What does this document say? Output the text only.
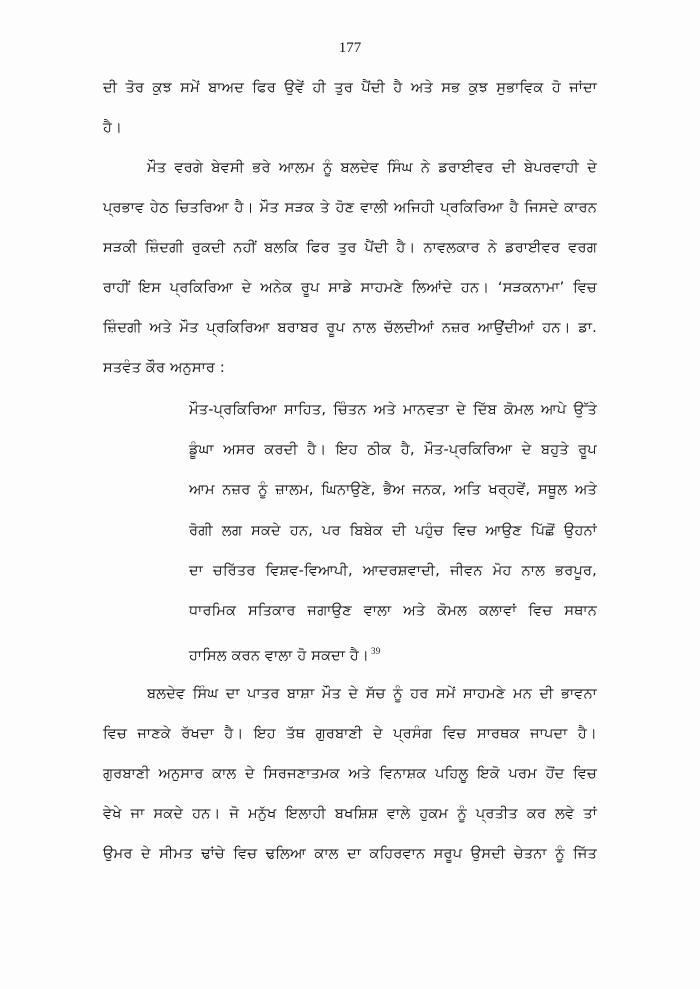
177
ਦੀ ਤੋਰ ਕੁਝ ਸਮੇਂ ਬਾਅਦ ਫਿਰ ਉਵੇਂ ਹੀ ਤੁਰ ਪੈਂਦੀ ਹੈ ਅਤੇ ਸਭ ਕੁਝ ਸੁਭਾਵਿਕ ਹੋ ਜਾਂਦਾ
ਹੈ।
ਮੌਤ ਵਰਗੇ ਬੇਵਸੀ ਭਰੇ ਆਲਮ ਨੂੰ ਬਲਦੇਵ ਸਿੰਘ ਨੇ ਡਰਾਈਵਰ ਦੀ ਬੇਪਰਵਾਹੀ ਦੇ
ਪ੍ਰਭਾਵ ਹੇਠ ਚਿਤਰਿਆ ਹੈ। ਮੌਤ ਸੜਕ ਤੇ ਹੋਣ ਵਾਲੀ ਅਜਿਹੀ ਪ੍ਰਕਿਰਿਆ ਹੈ ਜਿਸਦੇ ਕਾਰਨ
ਸੜਕੀ ਜ਼ਿੰਦਗੀ ਰੁਕਦੀ ਨਹੀਂ ਬਲਕਿ ਫਿਰ ਤੁਰ ਪੈਂਦੀ ਹੈ। ਨਾਵਲਕਾਰ ਨੇ ਡਰਾਈਵਰ ਵਰਗ
ਰਾਹੀਂ ਇਸ ਪ੍ਰਕਿਰਿਆ ਦੇ ਅਨੇਕ ਰੂਪ ਸਾਡੇ ਸਾਹਮਣੇ ਲਿਆਂਦੇ ਹਨ। ‘ਸੜਕਨਾਮਾ’ ਵਿਚ
ਜ਼ਿੰਦਗੀ ਅਤੇ ਮੌਤ ਪ੍ਰਕਿਰਿਆ ਬਰਾਬਰ ਰੂਪ ਨਾਲ ਚੱਲਦੀਆਂ ਨਜ਼ਰ ਆਉਂਦੀਆਂ ਹਨ। ਡਾ.
ਸਤਵੰਤ ਕੌਰ ਅਨੁਸਾਰ :
ਮੌਤ-ਪ੍ਰਕਿਰਿਆ ਸਾਹਿਤ, ਚਿੰਤਨ ਅਤੇ ਮਾਨਵਤਾ ਦੇ ਦਿੱਬ ਕੋਮਲ ਆਪੇ ਉੱਤੇ
ਡੂੰਘਾ ਅਸਰ ਕਰਦੀ ਹੈ। ਇਹ ਠੀਕ ਹੈ, ਮੌਤ-ਪ੍ਰਕਿਰਿਆ ਦੇ ਬਹੁਤੇ ਰੂਪ
ਆਮ ਨਜ਼ਰ ਨੂੰ ਜ਼ਾਲਮ, ਘਿਨਾਉਣੇ, ਭੈਅ ਜਨਕ, ਅਤਿ ਖਰ੍ਹਵੇਂ, ਸਥੂਲ ਅਤੇ
ਰੋਗੀ ਲਗ ਸਕਦੇ ਹਨ, ਪਰ ਬਿਬੇਕ ਦੀ ਪਹੁੰਚ ਵਿਚ ਆਉਣ ਪਿੱਛੋਂ ਉਹਨਾਂ
ਦਾ ਚਰਿੱਤਰ ਵਿਸ਼ਵ-ਵਿਆਪੀ, ਆਦਰਸ਼ਵਾਦੀ, ਜੀਵਨ ਮੋਹ ਨਾਲ ਭਰਪੂਰ,
ਧਾਰਮਿਕ ਸਤਿਕਾਰ ਜਗਾਉਣ ਵਾਲਾ ਅਤੇ ਕੋਮਲ ਕਲਾਵਾਂ ਵਿਚ ਸਥਾਨ
ਹਾਸਿਲ ਕਰਨ ਵਾਲਾ ਹੋ ਸਕਦਾ ਹੈ। $^{39}$
ਬਲਦੇਵ ਸਿੰਘ ਦਾ ਪਾਤਰ ਬਾਸ਼ਾ ਮੌਤ ਦੇ ਸੱਚ ਨੂੰ ਹਰ ਸਮੇਂ ਸਾਹਮਣੇ ਮਨ ਦੀ ਭਾਵਨਾ
ਵਿਚ ਜਾਣਕੇ ਰੱਖਦਾ ਹੈ। ਇਹ ਤੱਥ ਗੁਰਬਾਣੀ ਦੇ ਪ੍ਰਸੰਗ ਵਿਚ ਸਾਰਥਕ ਜਾਪਦਾ ਹੈ।
ਗੁਰਬਾਣੀ ਅਨੁਸਾਰ ਕਾਲ ਦੇ ਸਿਰਜਣਾਤਮਕ ਅਤੇ ਵਿਨਾਸ਼ਕ ਪਹਿਲੂ ਇਕੋ ਪਰਮ ਹੋਂਦ ਵਿਚ
ਵੇਖੇ ਜਾ ਸਕਦੇ ਹਨ। ਜੋ ਮਨੁੱਖ ਇਲਾਹੀ ਬਖਸ਼ਿਸ਼ ਵਾਲੇ ਹੁਕਮ ਨੂੰ ਪ੍ਰਤੀਤ ਕਰ ਲਵੇ ਤਾਂ
ਉਮਰ ਦੇ ਸੀਮਤ ਢਾਂਚੇ ਵਿਚ ਢਲਿਆ ਕਾਲ ਦਾ ਕਹਿਰਵਾਨ ਸਰੂਪ ਉਸਦੀ ਚੇਤਨਾ ਨੂੰ ਜਿੱਤ
